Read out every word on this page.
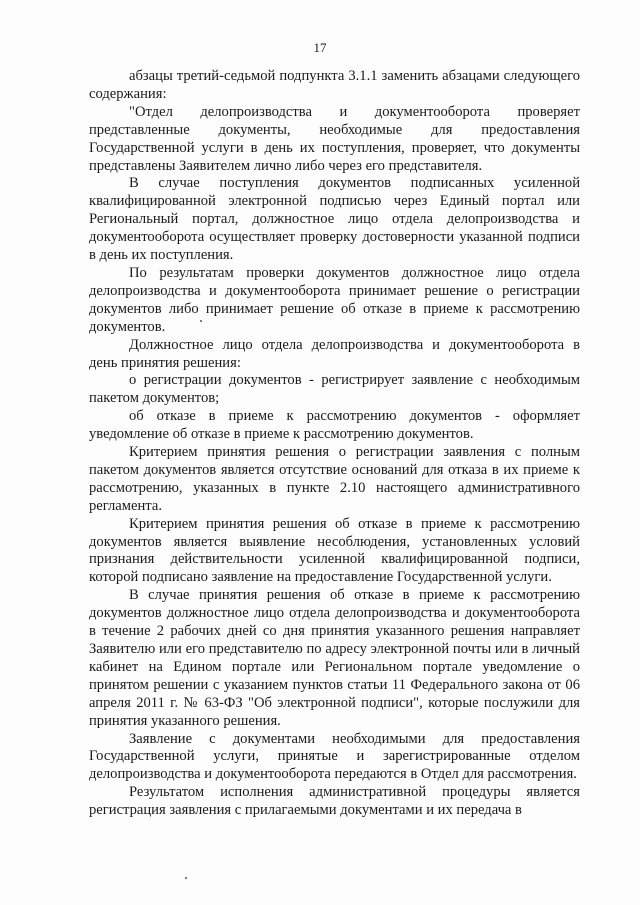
17

абзацы третий-седьмой подпункта 3.1.1 заменить абзацами следующего содержания:

"Отдел делопроизводства и документооборота проверяет представленные документы, необходимые для предоставления Государственной услуги в день их поступления, проверяет, что документы представлены Заявителем лично либо через его представителя.

В случае поступления документов подписанных усиленной квалифицированной электронной подписью через Единый портал или Региональный портал, должностное лицо отдела делопроизводства и документооборота осуществляет проверку достоверности указанной подписи в день их поступления.

По результатам проверки документов должностное лицо отдела делопроизводства и документооборота принимает решение о регистрации документов либо принимает решение об отказе в приеме к рассмотрению документов.

Должностное лицо отдела делопроизводства и документооборота в день принятия решения:

о регистрации документов - регистрирует заявление с необходимым пакетом документов;

об отказе в приеме к рассмотрению документов - оформляет уведомление об отказе в приеме к рассмотрению документов.

Критерием принятия решения о регистрации заявления с полным пакетом документов является отсутствие оснований для отказа в их приеме к рассмотрению, указанных в пункте 2.10 настоящего административного регламента.

Критерием принятия решения об отказе в приеме к рассмотрению документов является выявление несоблюдения, установленных условий признания действительности усиленной квалифицированной подписи, которой подписано заявление на предоставление Государственной услуги.

В случае принятия решения об отказе в приеме к рассмотрению документов должностное лицо отдела делопроизводства и документооборота в течение 2 рабочих дней со дня принятия указанного решения направляет Заявителю или его представителю по адресу электронной почты или в личный кабинет на Едином портале или Региональном портале уведомление о принятом решении с указанием пунктов статьи 11 Федерального закона от 06 апреля 2011 г. № 63-ФЗ "Об электронной подписи", которые послужили для принятия указанного решения.

Заявление с документами необходимыми для предоставления Государственной услуги, принятые и зарегистрированные отделом делопроизводства и документооборота передаются в Отдел для рассмотрения.

Результатом исполнения административной процедуры является регистрация заявления с прилагаемыми документами и их передача в
